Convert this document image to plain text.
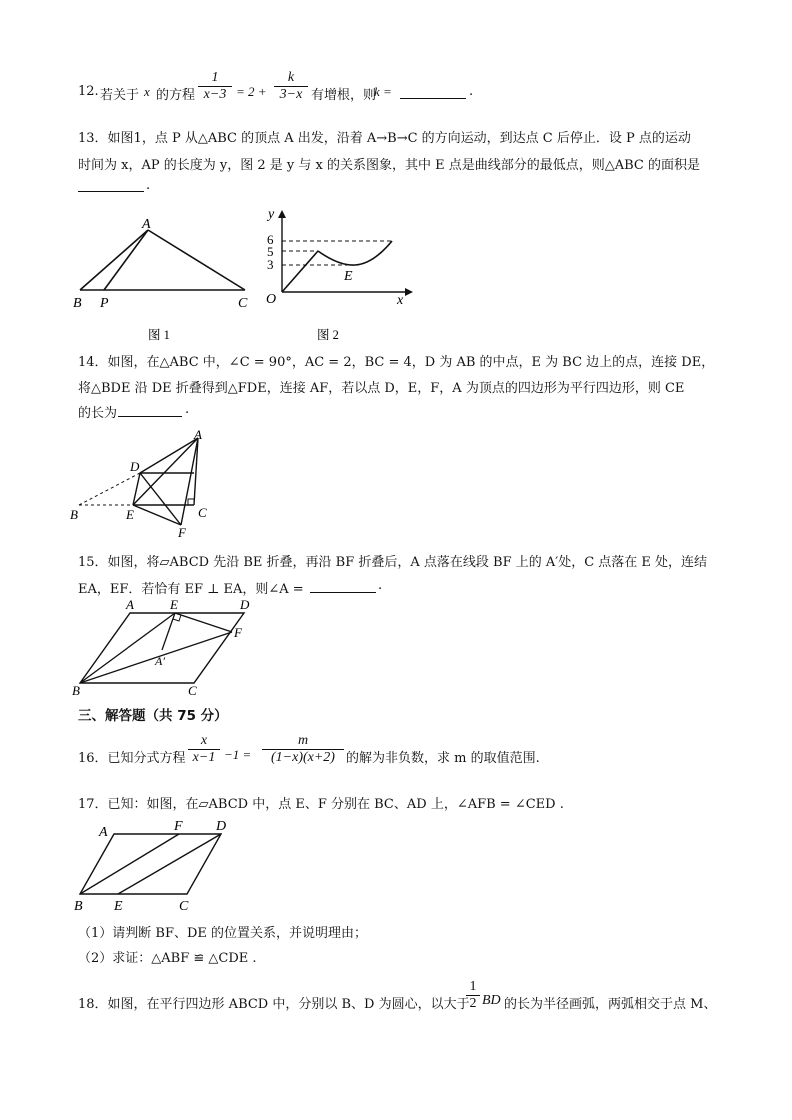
12. 若关于 x 的方程
1
x−3 = 2 +
k
3−x 有增根，则
k =	.
13．如图1，点 P 从△ABC 的顶点 A 出发，沿着 A→B→C 的方向运动，到达点 C 后停止．设 P 点的运动
时间为 x，AP 的长度为 y，图 2 是 y 与 x 的关系图象，其中 E 点是曲线部分的最低点，则△ABC 的面积是
.
A
B P	C
图 1
y
x
O
E
6
5
3
图 2
14．如图，在△ABC 中，∠C = 90°，AC = 2，BC = 4，D 为 AB 的中点，E 为 BC 边上的点，连接 DE，
将△BDE 沿 DE 折叠得到△FDE，连接 AF，若以点 D，E，F，A 为顶点的四边形为平行四边形，则 CE
的长为	.
A
D
B	E	C
F
15．如图，将▱ABCD 先沿 BE 折叠，再沿 BF 折叠后，A 点落在线段 BF 上的 A′处，C 点落在 E 处，连结
EA，EF．若恰有 EF ⊥ EA，则∠A =	.
A	E	D
F
A′
B	C
三、解答题（共 75 分）
16．已知分式方程
x
x−1 −1 =
m
(1−x)(x+2) 的解为非负数，求 m 的取值范围.
17．已知：如图，在▱ABCD 中，点 E、F 分别在 BC、AD 上，∠AFB = ∠CED .
A	F D
B E	C
（1）请判断 BF、DE 的位置关系，并说明理由；
（2）求证：△ABF ≌ △CDE .
18．如图，在平行四边形 ABCD 中，分别以 B、D 为圆心，以大于
1
2 BD 的长为半径画弧，两弧相交于点 M、
